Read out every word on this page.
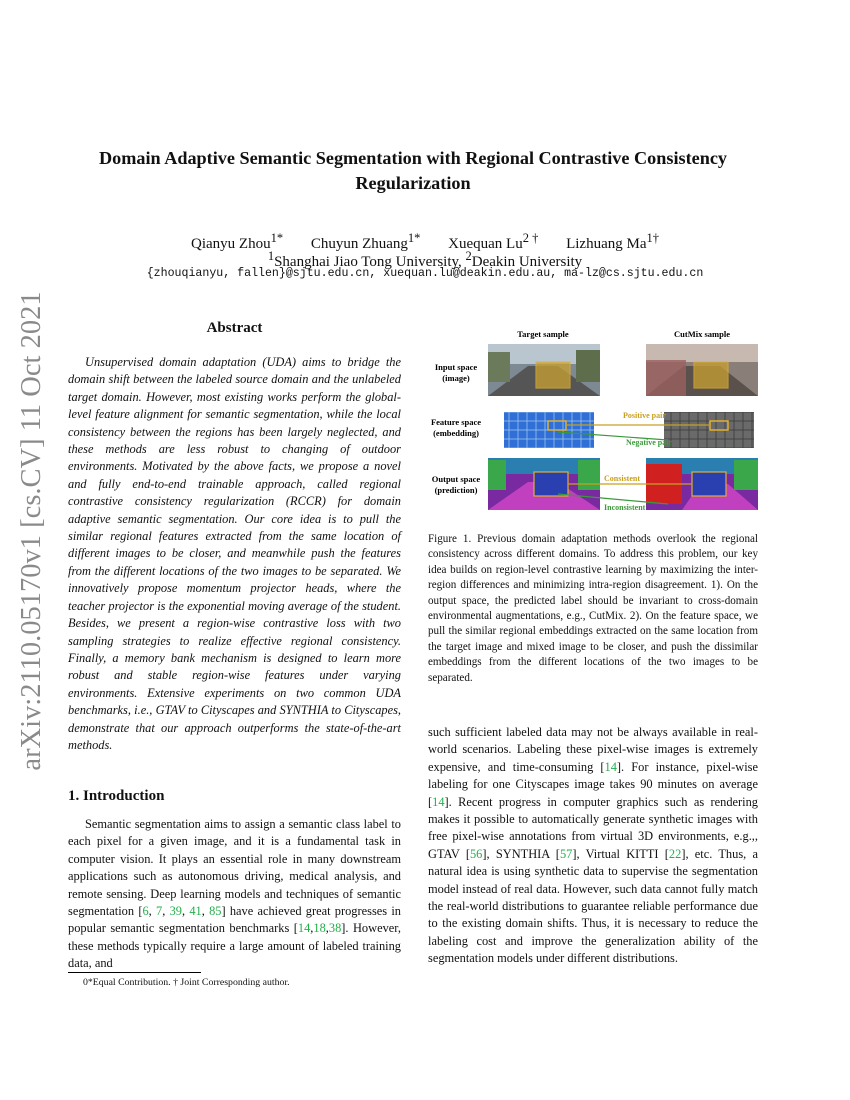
arXiv:2110.05170v1 [cs.CV] 11 Oct 2021
Domain Adaptive Semantic Segmentation with Regional Contrastive Consistency Regularization
Qianyu Zhou$^{1*}$ Chuyun Zhuang$^{1*}$ Xuequan $Lu^{2 \dagger}$ Lizhuang $Ma^{1\dagger}$
$^1$Shanghai Jiao Tong University, $^2$Deakin University
{zhouqianyu, fallen}@sjtu.edu.cn, xuequan.lu@deakin.edu.au, ma-lz@cs.sjtu.edu.cn
Abstract
Unsupervised domain adaptation (UDA) aims to bridge the domain shift between the labeled source domain and the unlabeled target domain. However, most existing works perform the global-level feature alignment for semantic segmentation, while the local consistency between the regions has been largely neglected, and these methods are less robust to changing of outdoor environments. Motivated by the above facts, we propose a novel and fully end-to-end trainable approach, called regional contrastive consistency regularization (RCCR) for domain adaptive semantic segmentation. Our core idea is to pull the similar regional features extracted from the same location of different images to be closer, and meanwhile push the features from the different locations of the two images to be separated. We innovatively propose momentum projector heads, where the teacher projector is the exponential moving average of the student. Besides, we present a region-wise contrastive loss with two sampling strategies to realize effective regional consistency. Finally, a memory bank mechanism is designed to learn more robust and stable region-wise features under varying environments. Extensive experiments on two common UDA benchmarks, i.e., GTAV to Cityscapes and SYNTHIA to Cityscapes, demonstrate that our approach outperforms the state-of-the-art methods.
1. Introduction
Semantic segmentation aims to assign a semantic class label to each pixel for a given image, and it is a fundamental task in computer vision. It plays an essential role in many downstream applications such as autonomous driving, medical analysis, and remote sensing. Deep learning models and techniques of semantic segmentation [6, 7, 39, 41, 85] have achieved great progresses in popular semantic segmentation benchmarks [14,18,38]. However, these methods typically require a large amount of labeled training data, and
0*Equal Contribution. † Joint Corresponding author.
Target sample	CutMix sample
Input space
(image)
Feature space
(embedding)
Output space
(prediction)
Positive pair
Negative pair
Consistent
Inconsistent
Figure 1. Previous domain adaptation methods overlook the regional consistency across different domains. To address this problem, our key idea builds on region-level contrastive learning by maximizing the inter-region differences and minimizing intra-region disagreement. 1). On the output space, the predicted label should be invariant to cross-domain environmental augmentations, e.g., CutMix. 2). On the feature space, we pull the similar regional embeddings extracted on the same location from the target image and mixed image to be closer, and push the dissimilar embeddings from the different locations of the two images to be separated.
such sufficient labeled data may not be always available in real-world scenarios. Labeling these pixel-wise images is extremely expensive, and time-consuming [14]. For instance, pixel-wise labeling for one Cityscapes image takes 90 minutes on average [14]. Recent progress in computer graphics such as rendering makes it possible to automatically generate synthetic images with free pixel-wise annotations from virtual 3D environments, e.g.,, GTAV [56], SYNTHIA [57], Virtual KITTI [22], etc. Thus, a natural idea is using synthetic data to supervise the segmentation model instead of real data. However, such data cannot fully match the real-world distributions to guarantee reliable performance due to the existing domain shifts. Thus, it is necessary to reduce the labeling cost and improve the generalization ability of the segmentation models under different distributions.
